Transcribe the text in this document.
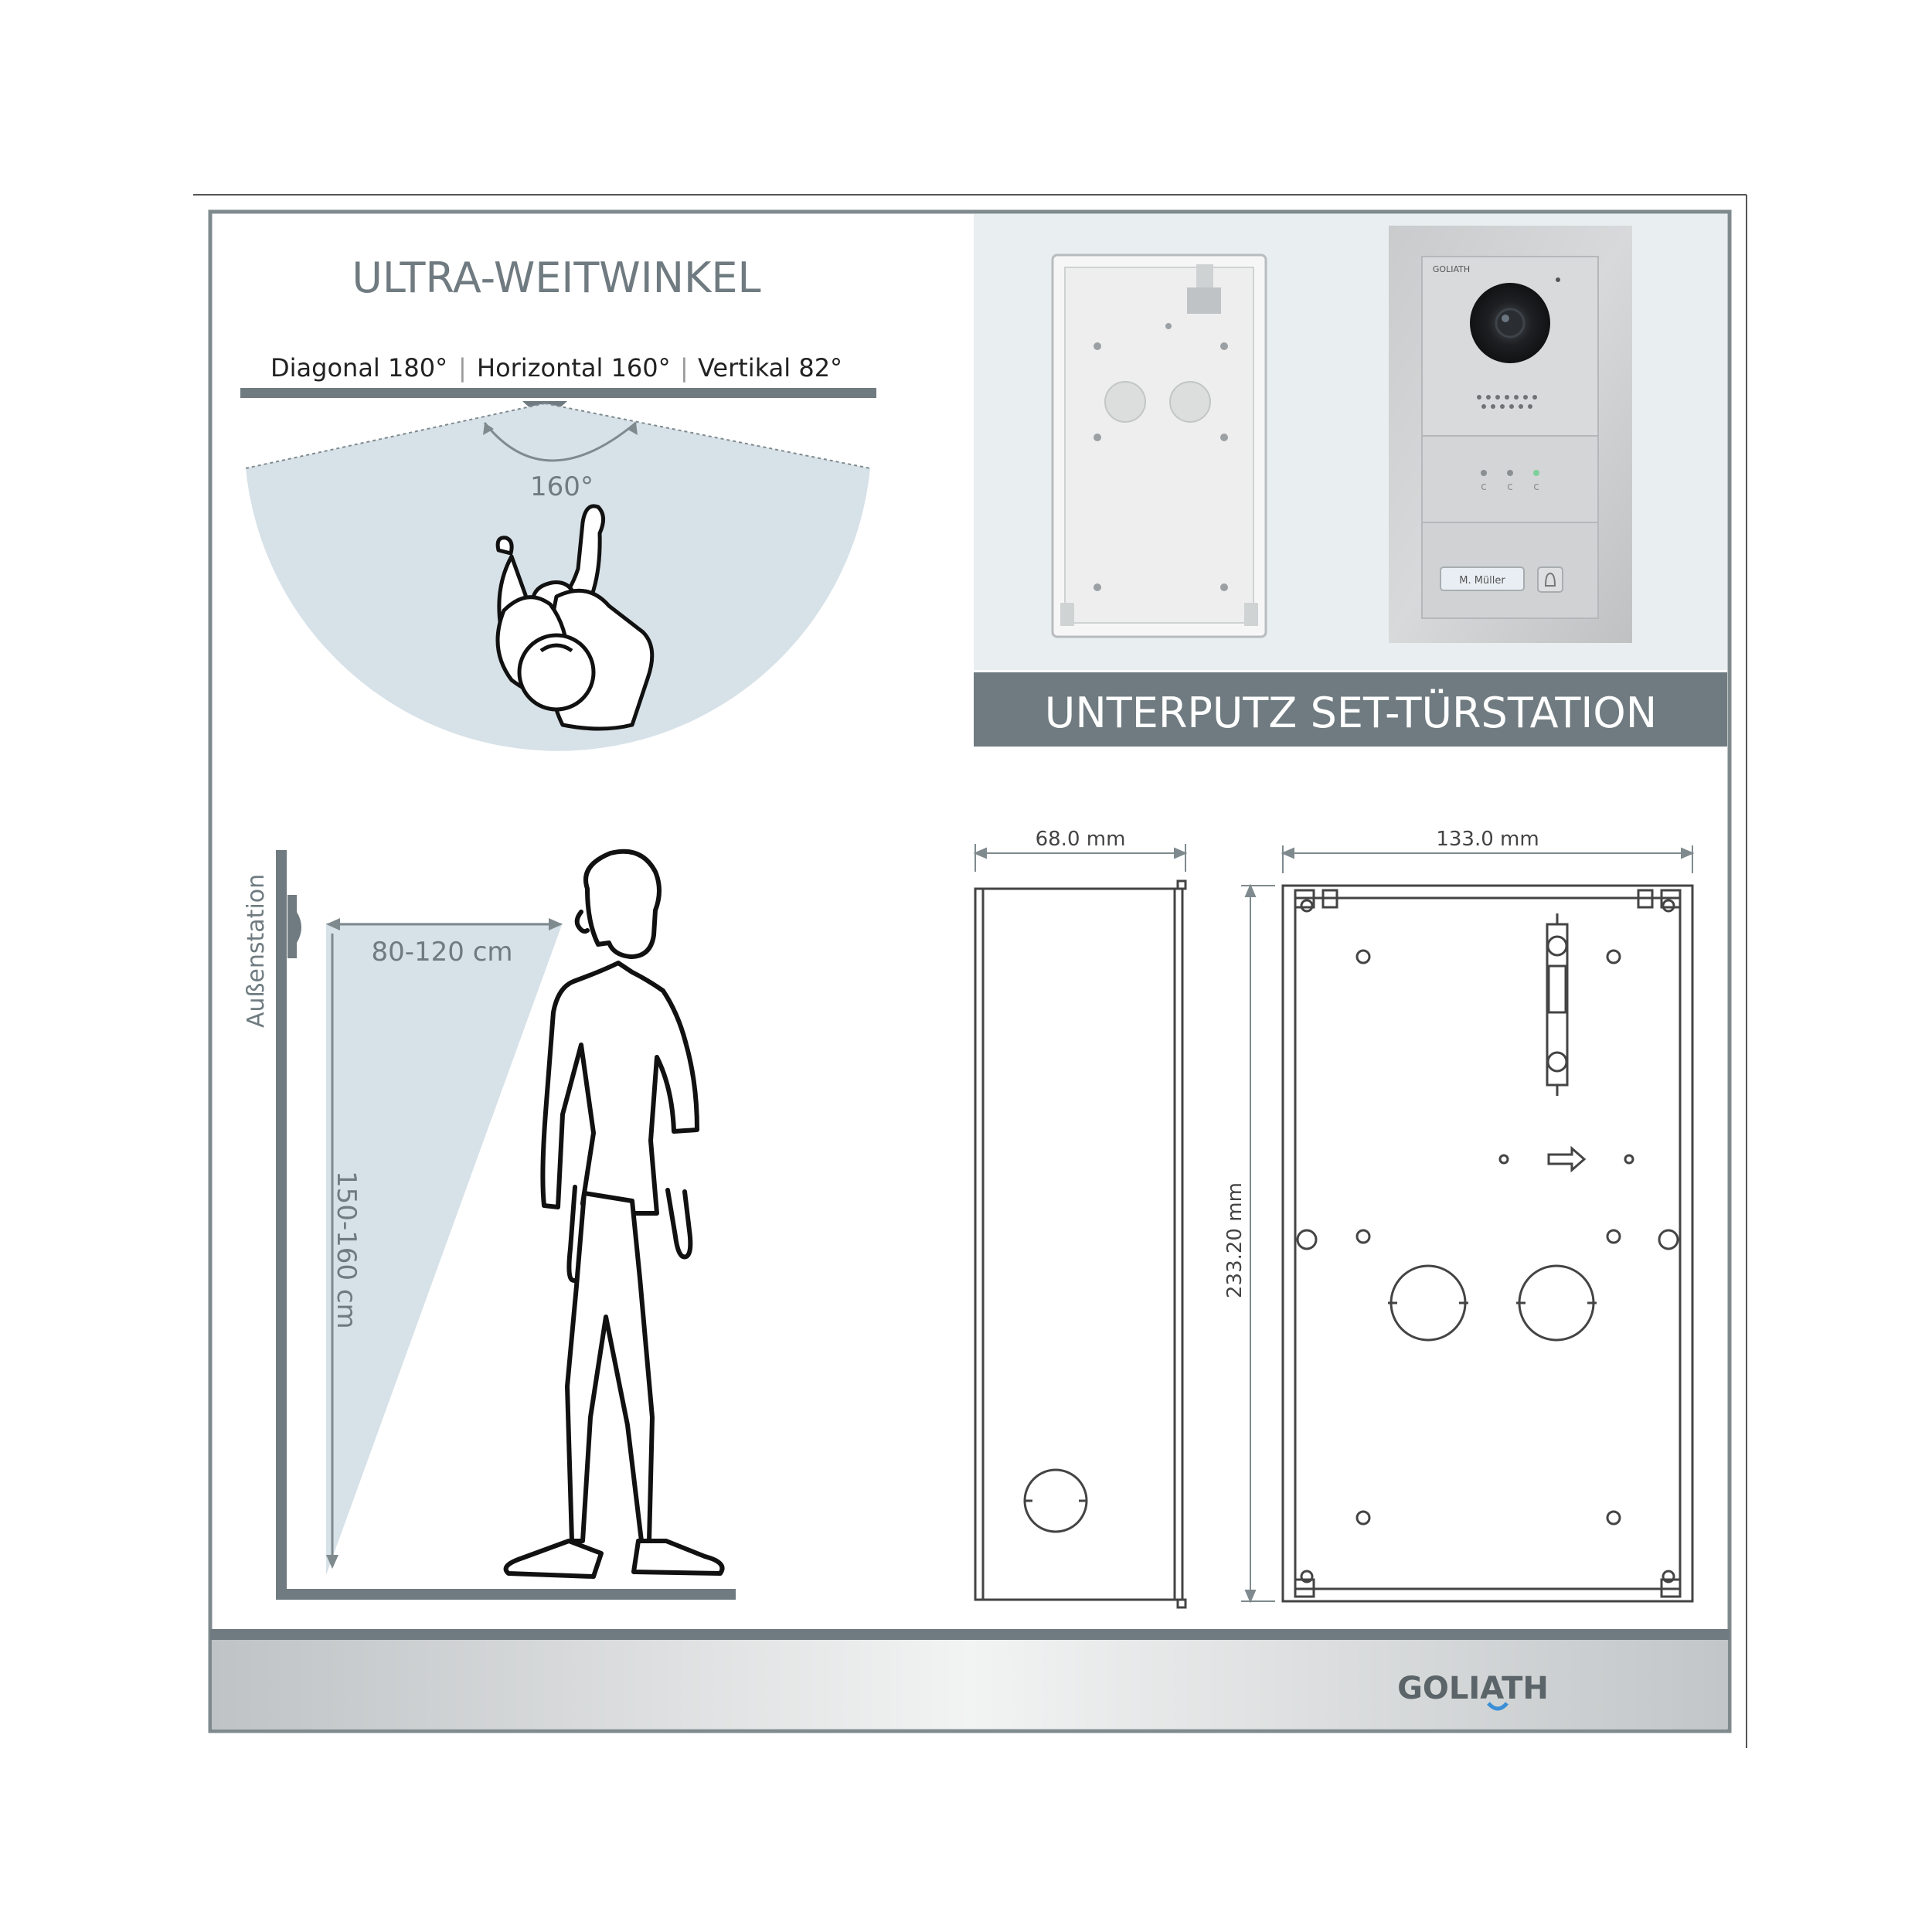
ULTRA-WEITWINKEL
Diagonal 180° | Horizontal 160° | Vertikal 82°
160°
GOLIATH
c c c
M. Müller
UNTERPUTZ SET-TÜRSTATION
Außenstation	80-120 cm
150-160 cm
68.0 mm	133.0 mm
233.20 mm
GOLIATH
